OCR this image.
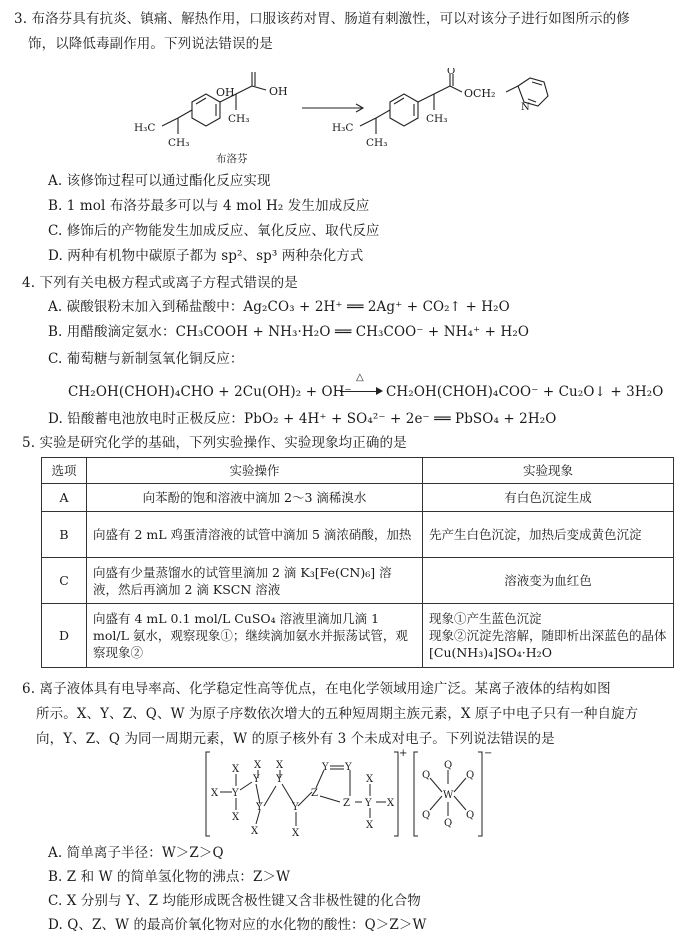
3. 布洛芬具有抗炎、镇痛、解热作用，口服该药对胃、肠道有刺激性，可以对该分子进行如图所示的修
饰，以降低毒副作用。下列说法错误的是
OH	OH
H₃C
CH₃
CH₃
H₃C
CH₃
CH₃
O
OCH₂
N
布洛芬
A. 该修饰过程可以通过酯化反应实现
B. 1 mol 布洛芬最多可以与 4 mol H₂ 发生加成反应
C. 修饰后的产物能发生加成反应、氧化反应、取代反应
D. 两种有机物中碳原子都为 sp²、sp³ 两种杂化方式
4. 下列有关电极方程式或离子方程式错误的是
A. 碳酸银粉末加入到稀盐酸中：Ag₂CO₃ + 2H⁺ ══ 2Ag⁺ + CO₂↑ + H₂O
B. 用醋酸滴定氨水：CH₃COOH + NH₃·H₂O ══ CH₃COO⁻ + NH₄⁺ + H₂O
C. 葡萄糖与新制氢氧化铜反应：
CH₂OH(CHOH)₄CHO + 2Cu(OH)₂ + OH⁻
△
CH₂OH(CHOH)₄COO⁻ + Cu₂O↓ + 3H₂O
D. 铅酸蓄电池放电时正极反应：PbO₂ + 4H⁺ + SO₄²⁻ + 2e⁻ ══ PbSO₄ + 2H₂O
5. 实验是研究化学的基础，下列实验操作、实验现象均正确的是
选项	实验操作	实验现象
A	向苯酚的饱和溶液中滴加 2～3 滴稀溴水	有白色沉淀生成
B	向盛有 2 mL 鸡蛋清溶液的试管中滴加 5 滴浓硝酸，加热	先产生白色沉淀，加热后变成黄色沉淀
C	向盛有少量蒸馏水的试管里滴加 2 滴 K₃[Fe(CN)₆] 溶液，然后再滴加 2 滴 KSCN 溶液	溶液变为血红色
D	向盛有 4 mL 0.1 mol/L CuSO₄ 溶液里滴加几滴 1 mol/L 氨水，观察现象①；继续滴加氨水并振荡试管，观察现象②	现象①产生蓝色沉淀
现象②沉淀先溶解，随即析出深蓝色的晶体[Cu(NH₃)₄]SO₄·H₂O
6. 离子液体具有电导率高、化学稳定性高等优点，在电化学领域用途广泛。某离子液体的结构如图
所示。X、Y、Z、Q、W 为原子序数依次增大的五种短周期主族元素，X 原子中电子只有一种自旋方
向，Y、Z、Q 为同一周期元素，W 的原子核外有 3 个未成对电子。下列说法错误的是
X Y
X
X
Y
X
Y
X
Y
X
Y
X
Z
Y Y
Z Y
X
X
X
+
W
Q
Q
Q	Q
Q	Q
−
A. 简单离子半径：W＞Z＞Q
B. Z 和 W 的简单氢化物的沸点：Z＞W
C. X 分别与 Y、Z 均能形成既含极性键又含非极性键的化合物
D. Q、Z、W 的最高价氧化物对应的水化物的酸性：Q＞Z＞W
